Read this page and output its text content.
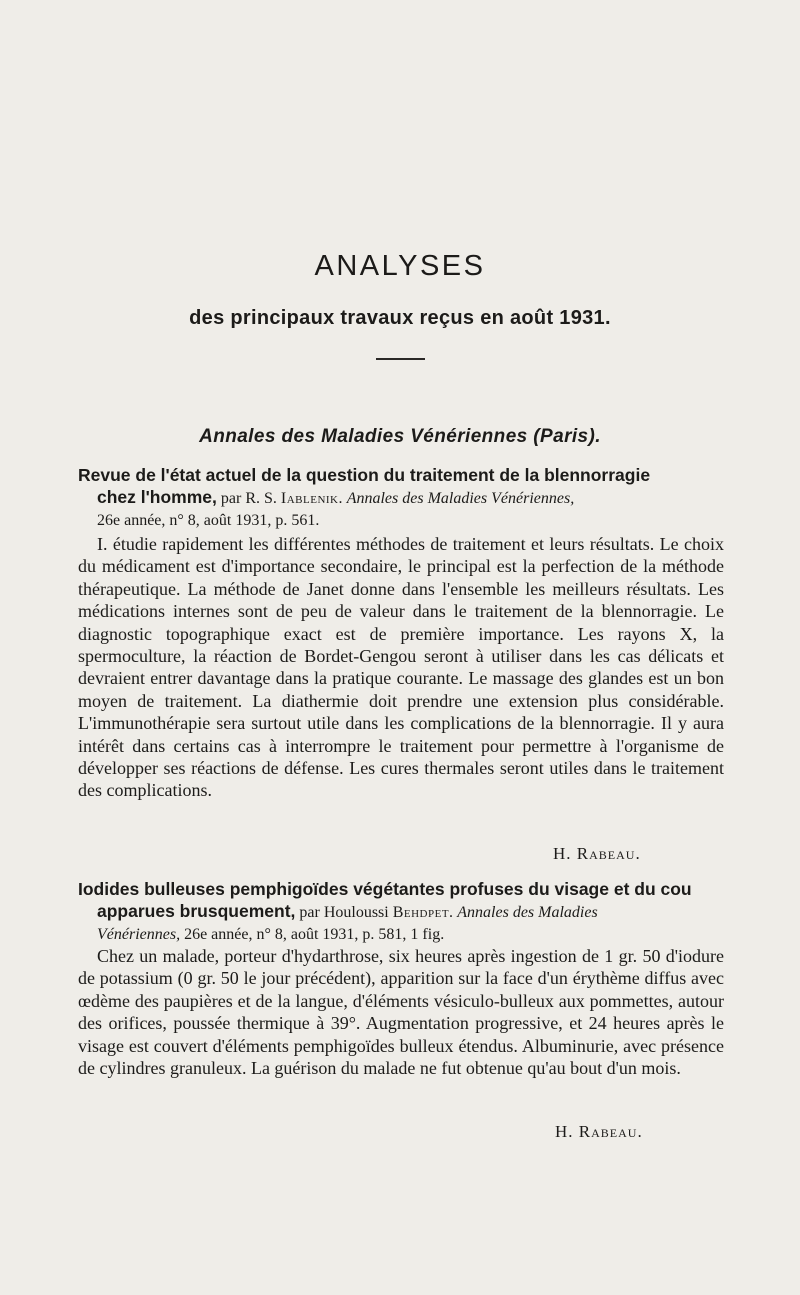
ANALYSES
des principaux travaux reçus en août 1931.
Annales des Maladies Vénériennes (Paris).
Revue de l'état actuel de la question du traitement de la blennorragie
chez l'homme, par R. S. Iablenik. Annales des Maladies Vénériennes,
26e année, n° 8, août 1931, p. 561.
I. étudie rapidement les différentes méthodes de traitement et leurs résultats. Le choix du médicament est d'importance secondaire, le principal est la perfection de la méthode thérapeutique. La méthode de Janet donne dans l'ensemble les meilleurs résultats. Les médications internes sont de peu de valeur dans le traitement de la blennorragie. Le diagnostic topographique exact est de première importance. Les rayons X, la spermoculture, la réaction de Bordet-Gengou seront à utiliser dans les cas délicats et devraient entrer davantage dans la pratique courante. Le massage des glandes est un bon moyen de traitement. La diathermie doit prendre une extension plus considérable. L'immunothérapie sera surtout utile dans les complications de la blennorragie. Il y aura intérêt dans certains cas à interrompre le traitement pour permettre à l'organisme de développer ses réactions de défense. Les cures thermales seront utiles dans le traitement des complications.
H. Rabeau.
Iodides bulleuses pemphigoïdes végétantes profuses du visage et du cou
apparues brusquement, par Houloussi Behdpet. Annales des Maladies
Vénériennes, 26e année, n° 8, août 1931, p. 581, 1 fig.
Chez un malade, porteur d'hydarthrose, six heures après ingestion de 1 gr. 50 d'iodure de potassium (0 gr. 50 le jour précédent), apparition sur la face d'un érythème diffus avec œdème des paupières et de la langue, d'éléments vésiculo-bulleux aux pommettes, autour des orifices, poussée thermique à 39°. Augmentation progressive, et 24 heures après le visage est couvert d'éléments pemphigoïdes bulleux étendus. Albuminurie, avec présence de cylindres granuleux. La guérison du malade ne fut obtenue qu'au bout d'un mois.
H. Rabeau.
